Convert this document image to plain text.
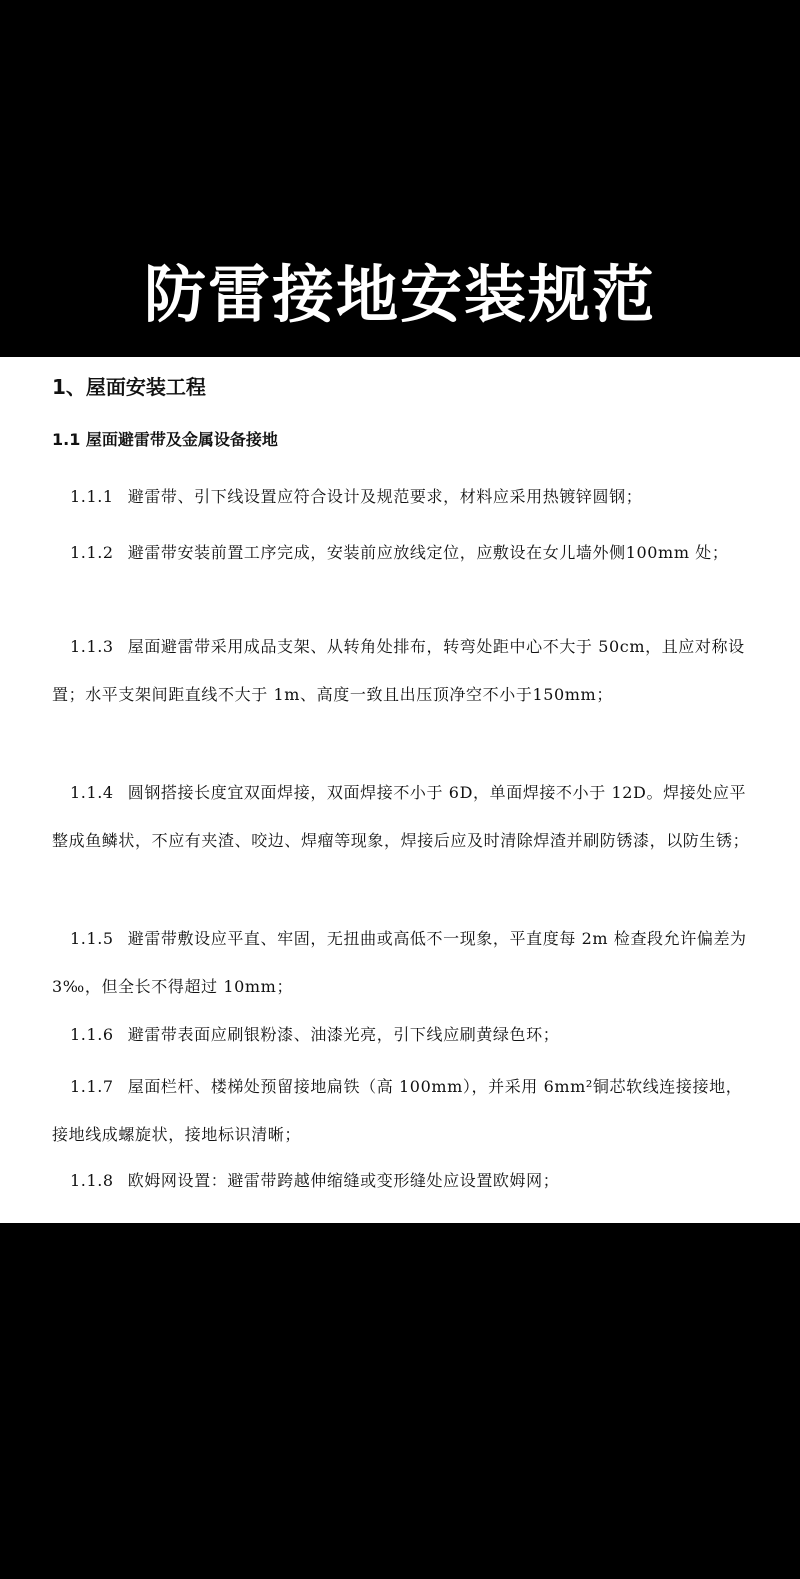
防雷接地安装规范
1、屋面安装工程
1.1 屋面避雷带及金属设备接地
1.1.1 避雷带、引下线设置应符合设计及规范要求，材料应采用热镀锌圆钢；
1.1.2 避雷带安装前置工序完成，安装前应放线定位，应敷设在女儿墙外侧100mm 处；
1.1.3 屋面避雷带采用成品支架、从转角处排布，转弯处距中心不大于 50cm，且应对称设置；水平支架间距直线不大于 1m、高度一致且出压顶净空不小于150mm；
1.1.4 圆钢搭接长度宜双面焊接，双面焊接不小于 6D，单面焊接不小于 12D。焊接处应平整成鱼鳞状，不应有夹渣、咬边、焊瘤等现象，焊接后应及时清除焊渣并刷防锈漆，以防生锈；
1.1.5 避雷带敷设应平直、牢固，无扭曲或高低不一现象，平直度每 2m 检查段允许偏差为 3‰，但全长不得超过 10mm；
1.1.6 避雷带表面应刷银粉漆、油漆光亮，引下线应刷黄绿色环；
1.1.7 屋面栏杆、楼梯处预留接地扁铁（高 100mm），并采用 6mm²铜芯软线连接接地，接地线成螺旋状，接地标识清晰；
1.1.8 欧姆网设置：避雷带跨越伸缩缝或变形缝处应设置欧姆网；
